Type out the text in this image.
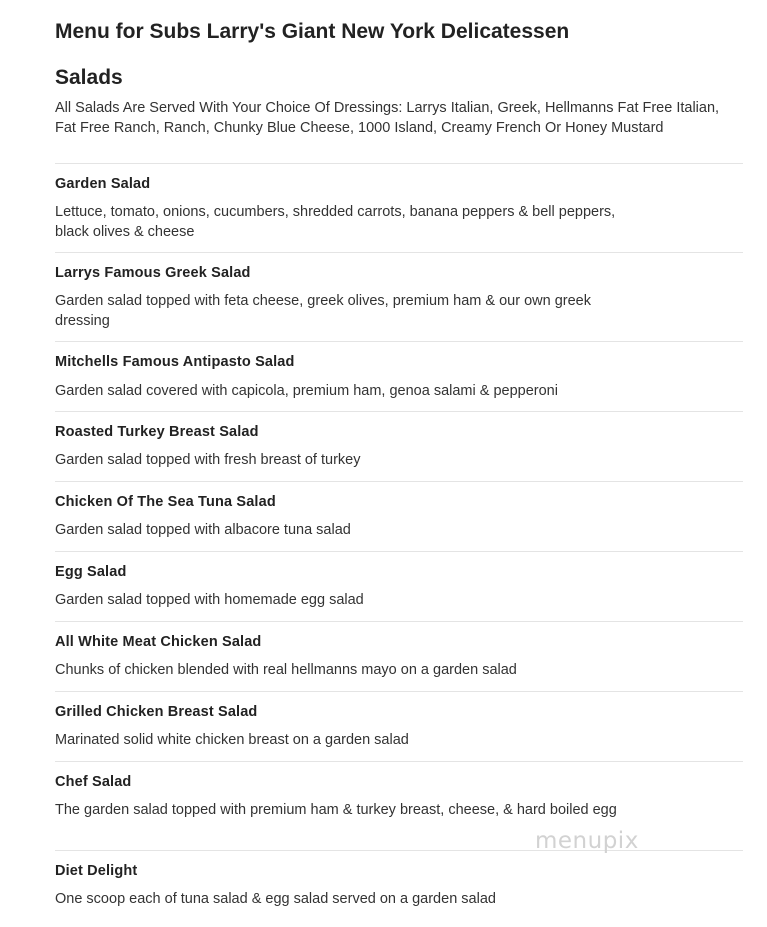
Menu for Subs Larry's Giant New York Delicatessen
Salads
All Salads Are Served With Your Choice Of Dressings: Larrys Italian, Greek, Hellmanns Fat Free Italian, Fat Free Ranch, Ranch, Chunky Blue Cheese, 1000 Island, Creamy French Or Honey Mustard
Garden Salad
Lettuce, tomato, onions, cucumbers, shredded carrots, banana peppers & bell peppers, black olives & cheese
Larrys Famous Greek Salad
Garden salad topped with feta cheese, greek olives, premium ham & our own greek dressing
Mitchells Famous Antipasto Salad
Garden salad covered with capicola, premium ham, genoa salami & pepperoni
Roasted Turkey Breast Salad
Garden salad topped with fresh breast of turkey
Chicken Of The Sea Tuna Salad
Garden salad topped with albacore tuna salad
Egg Salad
Garden salad topped with homemade egg salad
All White Meat Chicken Salad
Chunks of chicken blended with real hellmanns mayo on a garden salad
Grilled Chicken Breast Salad
Marinated solid white chicken breast on a garden salad
Chef Salad
The garden salad topped with premium ham & turkey breast, cheese, & hard boiled egg
Diet Delight
One scoop each of tuna salad & egg salad served on a garden salad
menupix
